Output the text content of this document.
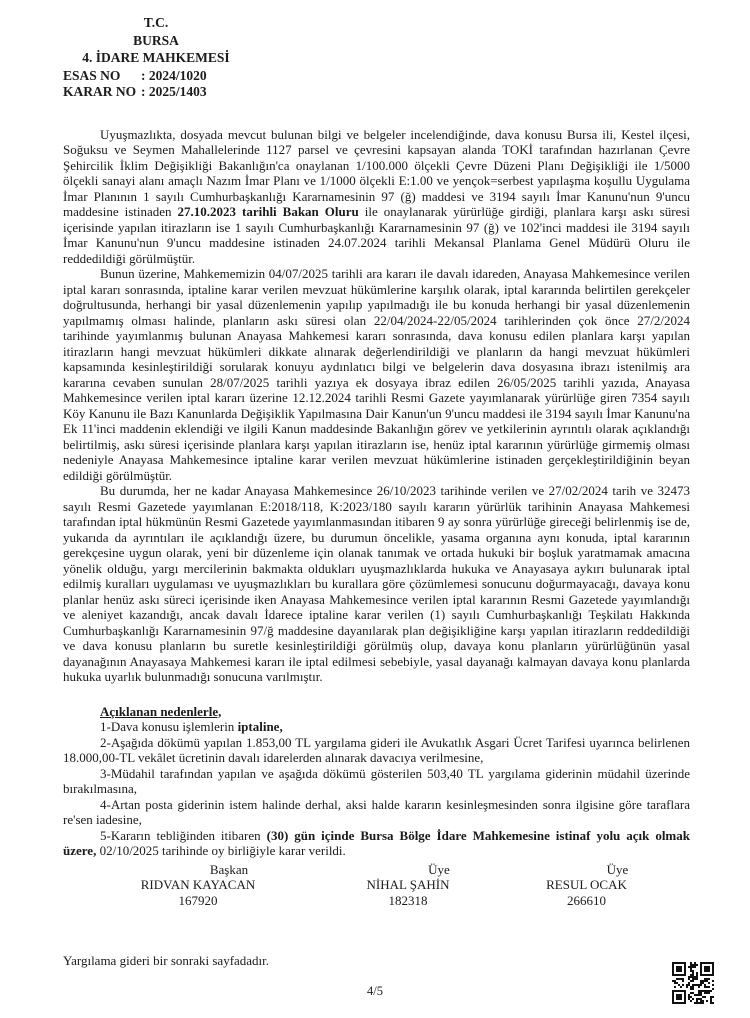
T.C.
BURSA
4. İDARE MAHKEMESİ
ESAS NO : 2024/1020
KARAR NO : 2025/1403

Uyuşmazlıkta, dosyada mevcut bulunan bilgi ve belgeler incelendiğinde, dava konusu Bursa ili, Kestel ilçesi, Soğuksu ve Seymen Mahallelerinde 1127 parsel ve çevresini kapsayan alanda TOKİ tarafından hazırlanan Çevre Şehircilik İklim Değişikliği Bakanlığın'ca onaylanan 1/100.000 ölçekli Çevre Düzeni Planı Değişikliği ile 1/5000 ölçekli sanayi alanı amaçlı Nazım İmar Planı ve 1/1000 ölçekli E:1.00 ve yençok=serbest yapılaşma koşullu Uygulama İmar Planının 1 sayılı Cumhurbaşkanlığı Kararnamesinin 97 (ğ) maddesi ve 3194 sayılı İmar Kanunu'nun 9'uncu maddesine istinaden 27.10.2023 tarihli Bakan Oluru ile onaylanarak yürürlüğe girdiği, planlara karşı askı süresi içerisinde yapılan itirazların ise 1 sayılı Cumhurbaşkanlığı Kararnamesinin 97 (ğ) ve 102'inci maddesi ile 3194 sayılı İmar Kanunu'nun 9'uncu maddesine istinaden 24.07.2024 tarihli Mekansal Planlama Genel Müdürü Oluru ile reddedildiği görülmüştür.

Bunun üzerine, Mahkememizin 04/07/2025 tarihli ara kararı ile davalı idareden, Anayasa Mahkemesince verilen iptal kararı sonrasında, iptaline karar verilen mevzuat hükümlerine karşılık olarak, iptal kararında belirtilen gerekçeler doğrultusunda, herhangi bir yasal düzenlemenin yapılıp yapılmadığı ile bu konuda herhangi bir yasal düzenlemenin yapılmamış olması halinde, planların askı süresi olan 22/04/2024-22/05/2024 tarihlerinden çok önce 27/2/2024 tarihinde yayımlanmış bulunan Anayasa Mahkemesi kararı sonrasında, dava konusu edilen planlara karşı yapılan itirazların hangi mevzuat hükümleri dikkate alınarak değerlendirildiği ve planların da hangi mevzuat hükümleri kapsamında kesinleştirildiği sorularak konuyu aydınlatıcı bilgi ve belgelerin dava dosyasına ibrazı istenilmiş ara kararına cevaben sunulan 28/07/2025 tarihli yazıya ek dosyaya ibraz edilen 26/05/2025 tarihli yazıda, Anayasa Mahkemesince verilen iptal kararı üzerine 12.12.2024 tarihli Resmi Gazete yayımlanarak yürürlüğe giren 7354 sayılı Köy Kanunu ile Bazı Kanunlarda Değişiklik Yapılmasına Dair Kanun'un 9'uncu maddesi ile 3194 sayılı İmar Kanunu'na Ek 11'inci maddenin eklendiği ve ilgili Kanun maddesinde Bakanlığın görev ve yetkilerinin ayrıntılı olarak açıklandığı belirtilmiş, askı süresi içerisinde planlara karşı yapılan itirazların ise, henüz iptal kararının yürürlüğe girmemiş olması nedeniyle Anayasa Mahkemesince iptaline karar verilen mevzuat hükümlerine istinaden gerçekleştirildiğinin beyan edildiği görülmüştür.

Bu durumda, her ne kadar Anayasa Mahkemesince 26/10/2023 tarihinde verilen ve 27/02/2024 tarih ve 32473 sayılı Resmi Gazetede yayımlanan E:2018/118, K:2023/180 sayılı kararın yürürlük tarihinin Anayasa Mahkemesi tarafından iptal hükmünün Resmi Gazetede yayımlanmasından itibaren 9 ay sonra yürürlüğe gireceği belirlenmiş ise de, yukarıda da ayrıntıları ile açıklandığı üzere, bu durumun öncelikle, yasama organına aynı konuda, iptal kararının gerekçesine uygun olarak, yeni bir düzenleme için olanak tanımak ve ortada hukuki bir boşluk yaratmamak amacına yönelik olduğu, yargı mercilerinin bakmakta oldukları uyuşmazlıklarda hukuka ve Anayasaya aykırı bulunarak iptal edilmiş kuralları uygulaması ve uyuşmazlıkları bu kurallara göre çözümlemesi sonucunu doğurmayacağı, davaya konu planlar henüz askı süreci içerisinde iken Anayasa Mahkemesince verilen iptal kararının Resmi Gazetede yayımlandığı ve aleniyet kazandığı, ancak davalı İdarece iptaline karar verilen (1) sayılı Cumhurbaşkanlığı Teşkilatı Hakkında Cumhurbaşkanlığı Kararnamesinin 97/ğ maddesine dayanılarak plan değişikliğine karşı yapılan itirazların reddedildiği ve dava konusu planların bu suretle kesinleştirildiği görülmüş olup, davaya konu planların yürürlüğünün yasal dayanağının Anayasaya Mahkemesi kararı ile iptal edilmesi sebebiyle, yasal dayanağı kalmayan davaya konu planlarda hukuka uyarlık bulunmadığı sonucuna varılmıştır.

Açıklanan nedenlerle,

1-Dava konusu işlemlerin iptaline,

2-Aşağıda dökümü yapılan 1.853,00 TL yargılama gideri ile Avukatlık Asgari Ücret Tarifesi uyarınca belirlenen 18.000,00-TL vekâlet ücretinin davalı idarelerden alınarak davacıya verilmesine,

3-Müdahil tarafından yapılan ve aşağıda dökümü gösterilen 503,40 TL yargılama giderinin müdahil üzerinde bırakılmasına,

4-Artan posta giderinin istem halinde derhal, aksi halde kararın kesinleşmesinden sonra ilgisine göre taraflara re'sen iadesine,

5-Kararın tebliğinden itibaren (30) gün içinde Bursa Bölge İdare Mahkemesine istinaf yolu açık olmak üzere, 02/10/2025 tarihinde oy birliğiyle karar verildi.

Başkan
RIDVAN KAYACAN
167920
Üye
NİHAL ŞAHİN
182318
Üye
RESUL OCAK
266610
Yargılama gideri bir sonraki sayfadadır.
4/5
